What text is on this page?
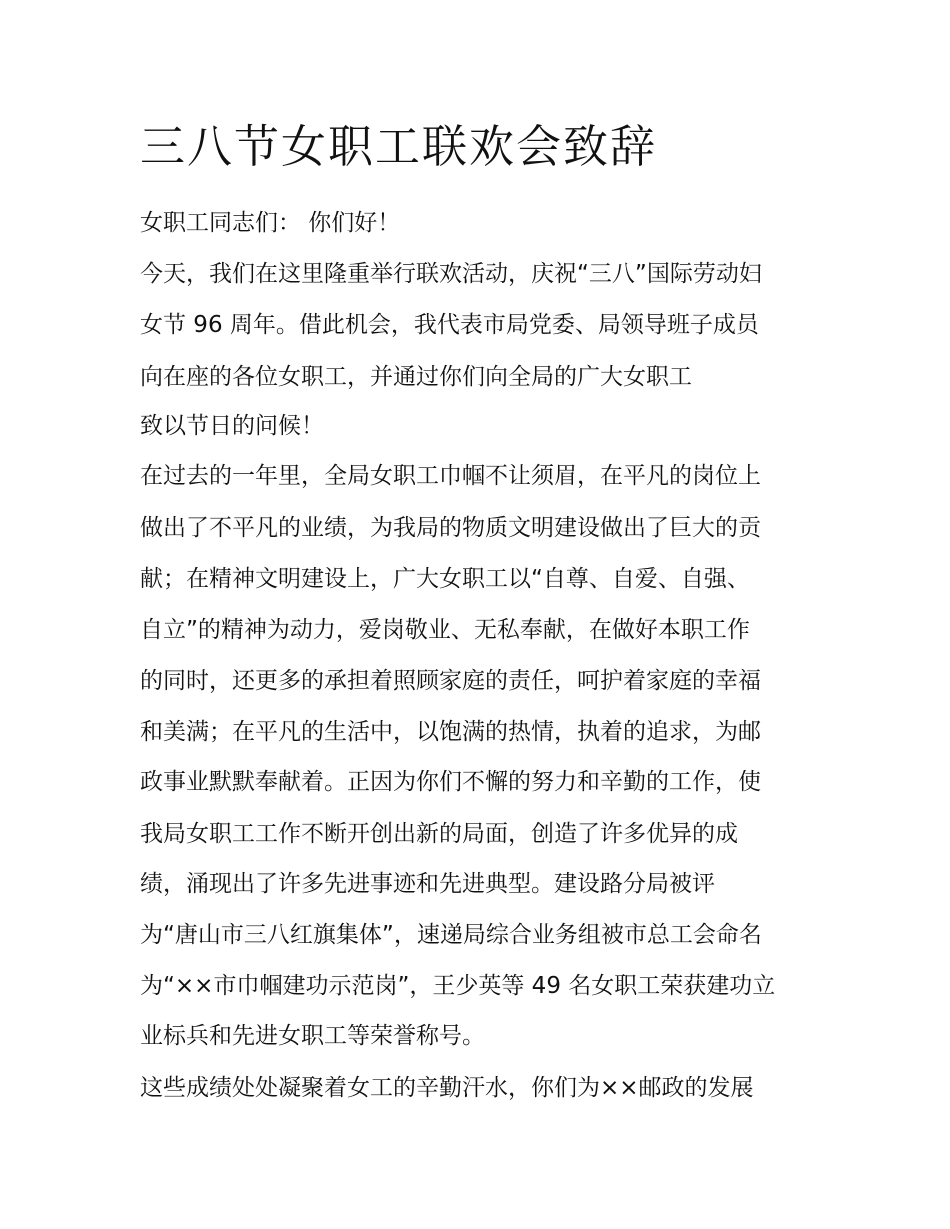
三八节女职工联欢会致辞

女职工同志们： 你们好！

今天，我们在这里隆重举行联欢活动，庆祝“三八”国际劳动妇

女节 96 周年。借此机会，我代表市局党委、局领导班子成员

向在座的各位女职工，并通过你们向全局的广大女职工

致以节日的问候！

在过去的一年里，全局女职工巾帼不让须眉，在平凡的岗位上

做出了不平凡的业绩，为我局的物质文明建设做出了巨大的贡

献；在精神文明建设上，广大女职工以“自尊、自爱、自强、

自立”的精神为动力，爱岗敬业、无私奉献，在做好本职工作

的同时，还更多的承担着照顾家庭的责任，呵护着家庭的幸福

和美满；在平凡的生活中，以饱满的热情，执着的追求，为邮

政事业默默奉献着。正因为你们不懈的努力和辛勤的工作，使

我局女职工工作不断开创出新的局面，创造了许多优异的成

绩，涌现出了许多先进事迹和先进典型。建设路分局被评

为“唐山市三八红旗集体”，速递局综合业务组被市总工会命名

为“××市巾帼建功示范岗”，王少英等 49 名女职工荣获建功立

业标兵和先进女职工等荣誉称号。

这些成绩处处凝聚着女工的辛勤汗水，你们为××邮政的发展
